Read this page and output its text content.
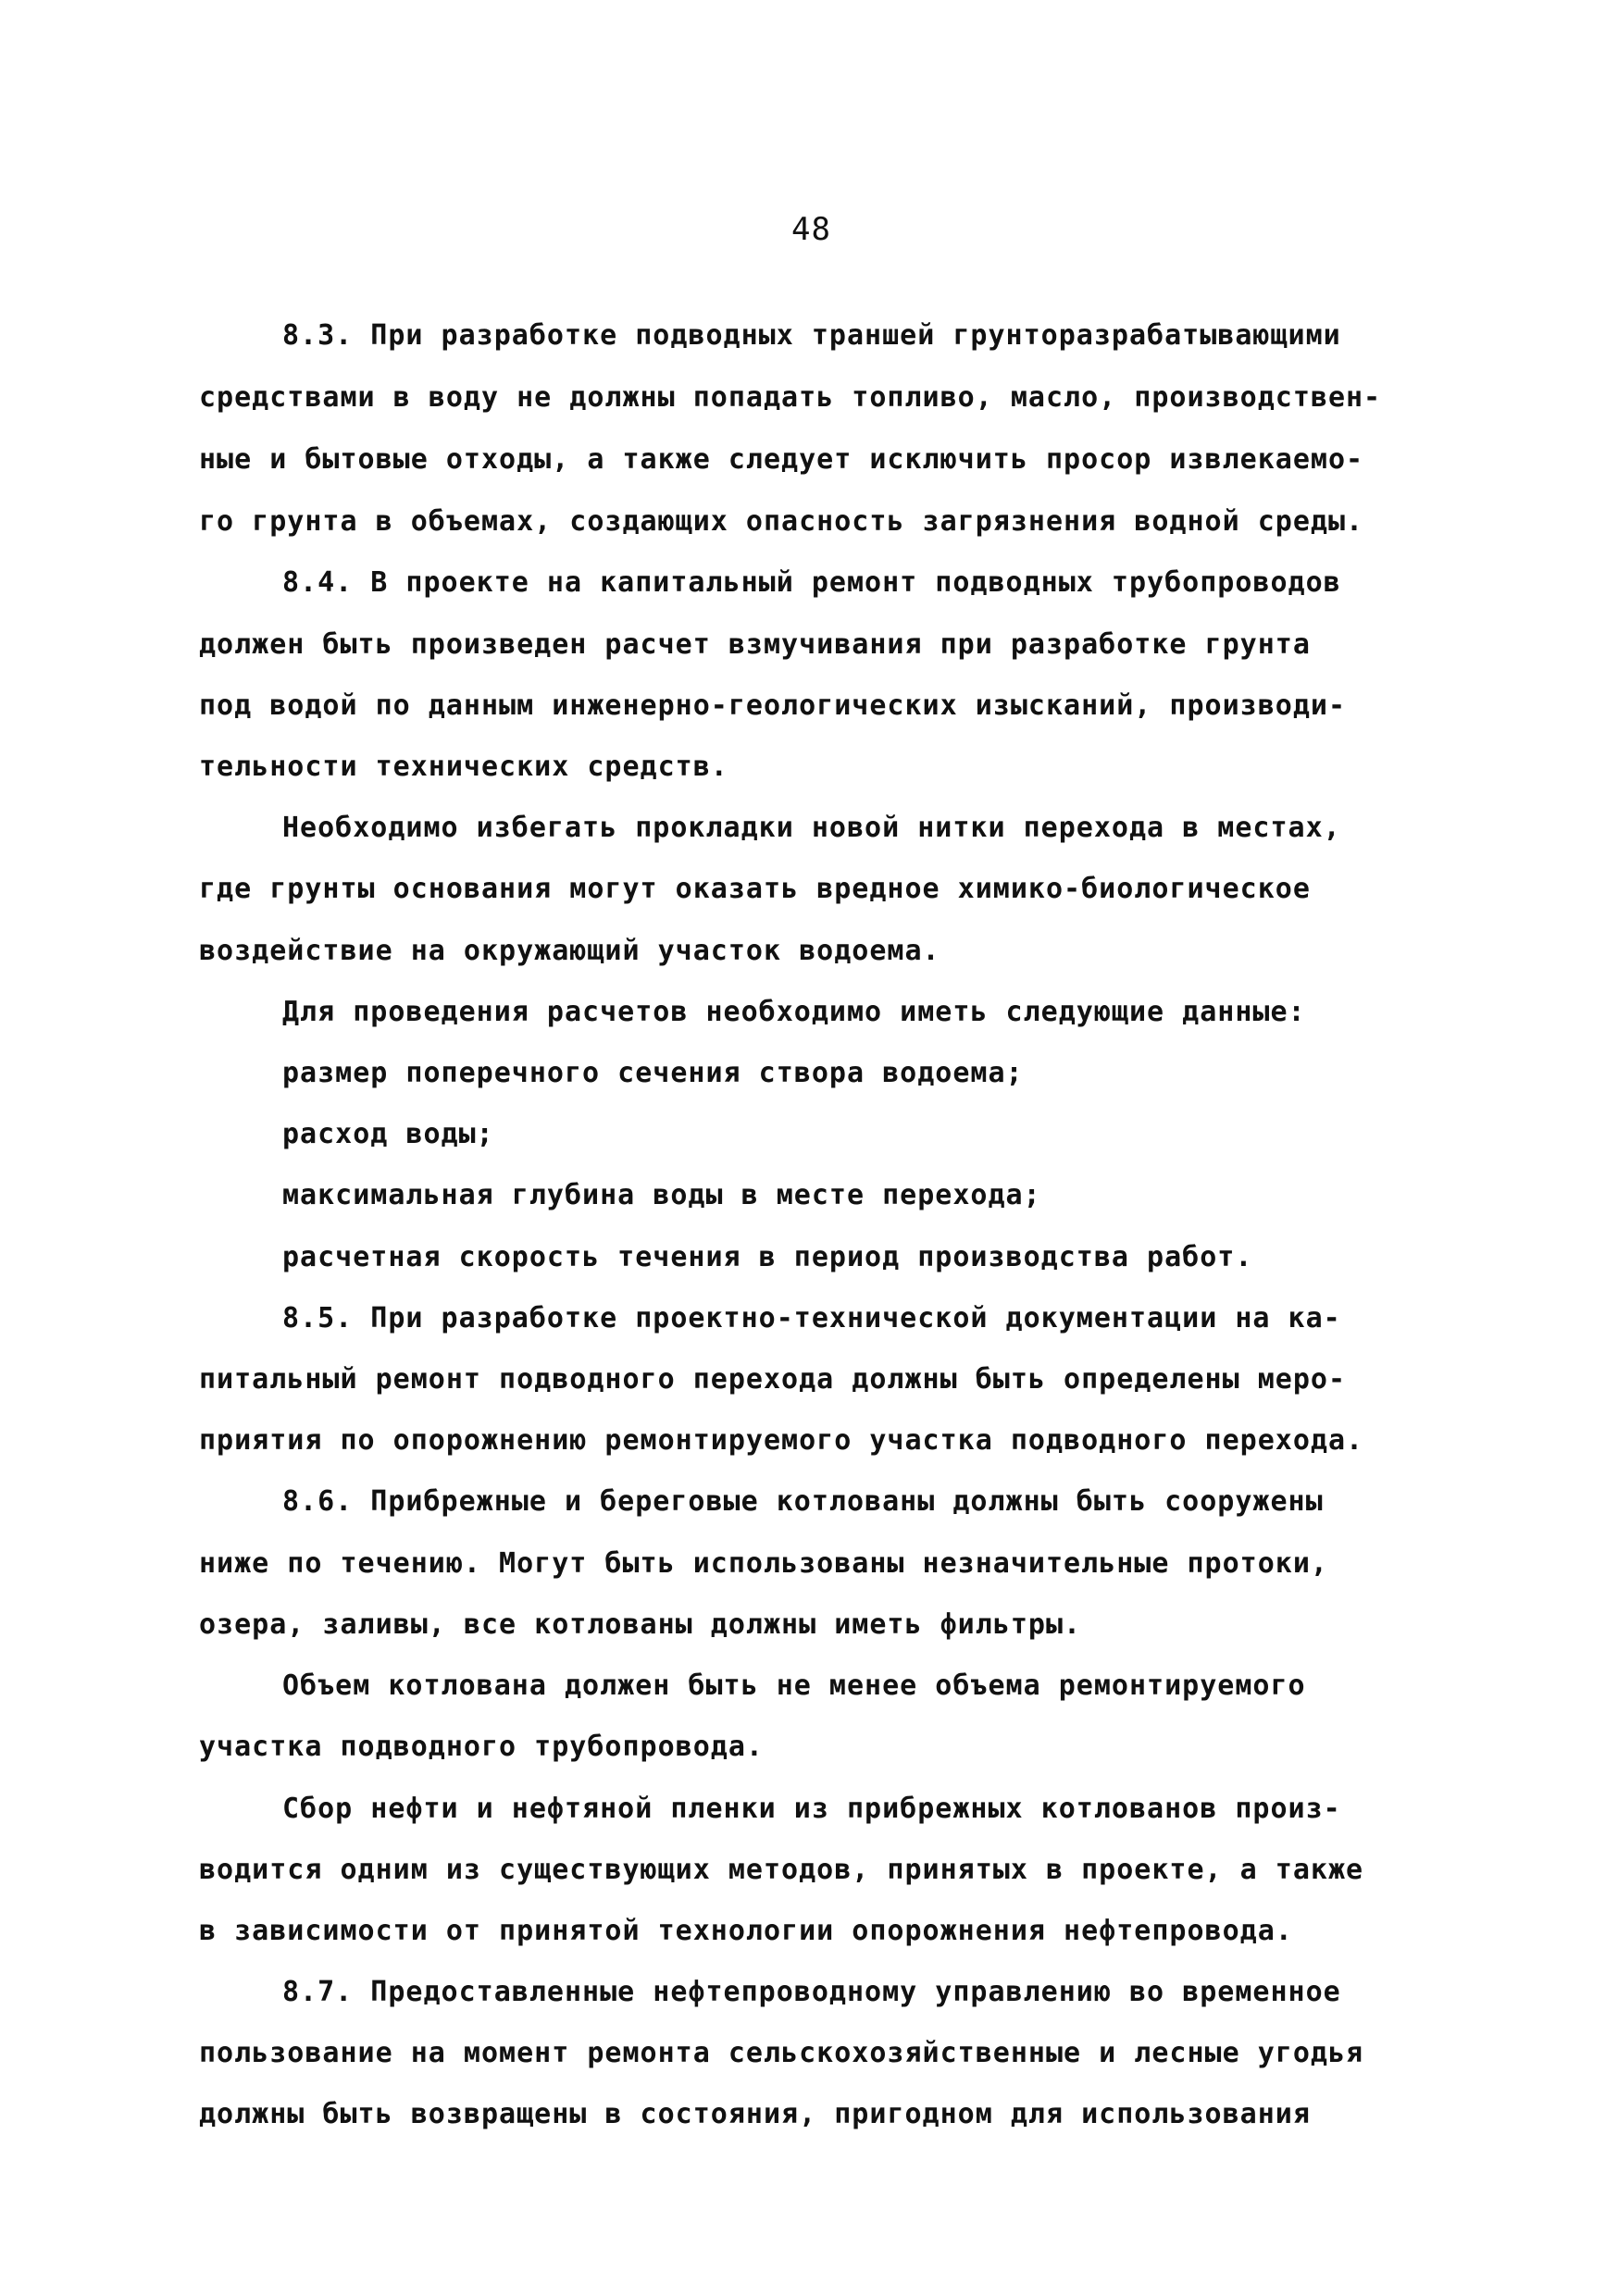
48
8.3. При разработке подводных траншей грунторазрабатывающими
средствами в воду не должны попадать топливо, масло, производствен-
ные и бытовые отходы, а также следует исключить просор извлекаемо-
го грунта в объемах, создающих опасность загрязнения водной среды.
8.4. В проекте на капитальный ремонт подводных трубопроводов
должен быть произведен расчет взмучивания при разработке грунта
под водой по данным инженерно-геологических изысканий, производи-
тельности технических средств.
Необходимо избегать прокладки новой нитки перехода в местах,
где грунты основания могут оказать вредное химико-биологическое
воздействие на окружающий участок водоема.
Для проведения расчетов необходимо иметь следующие данные:
размер поперечного сечения створа водоема;
расход воды;
максимальная глубина воды в месте перехода;
расчетная скорость течения в период производства работ.
8.5. При разработке проектно-технической документации на ка-
питальный ремонт подводного перехода должны быть определены меро-
приятия по опорожнению ремонтируемого участка подводного перехода.
8.6. Прибрежные и береговые котлованы должны быть сооружены
ниже по течению. Могут быть использованы незначительные протоки,
озера, заливы, все котлованы должны иметь фильтры.
Объем котлована должен быть не менее объема ремонтируемого
участка подводного трубопровода.
Сбор нефти и нефтяной пленки из прибрежных котлованов произ-
водится одним из существующих методов, принятых в проекте, а также
в зависимости от принятой технологии опорожнения нефтепровода.
8.7. Предоставленные нефтепроводному управлению во временное
пользование на момент ремонта сельскохозяйственные и лесные угодья
должны быть возвращены в состояния, пригодном для использования
